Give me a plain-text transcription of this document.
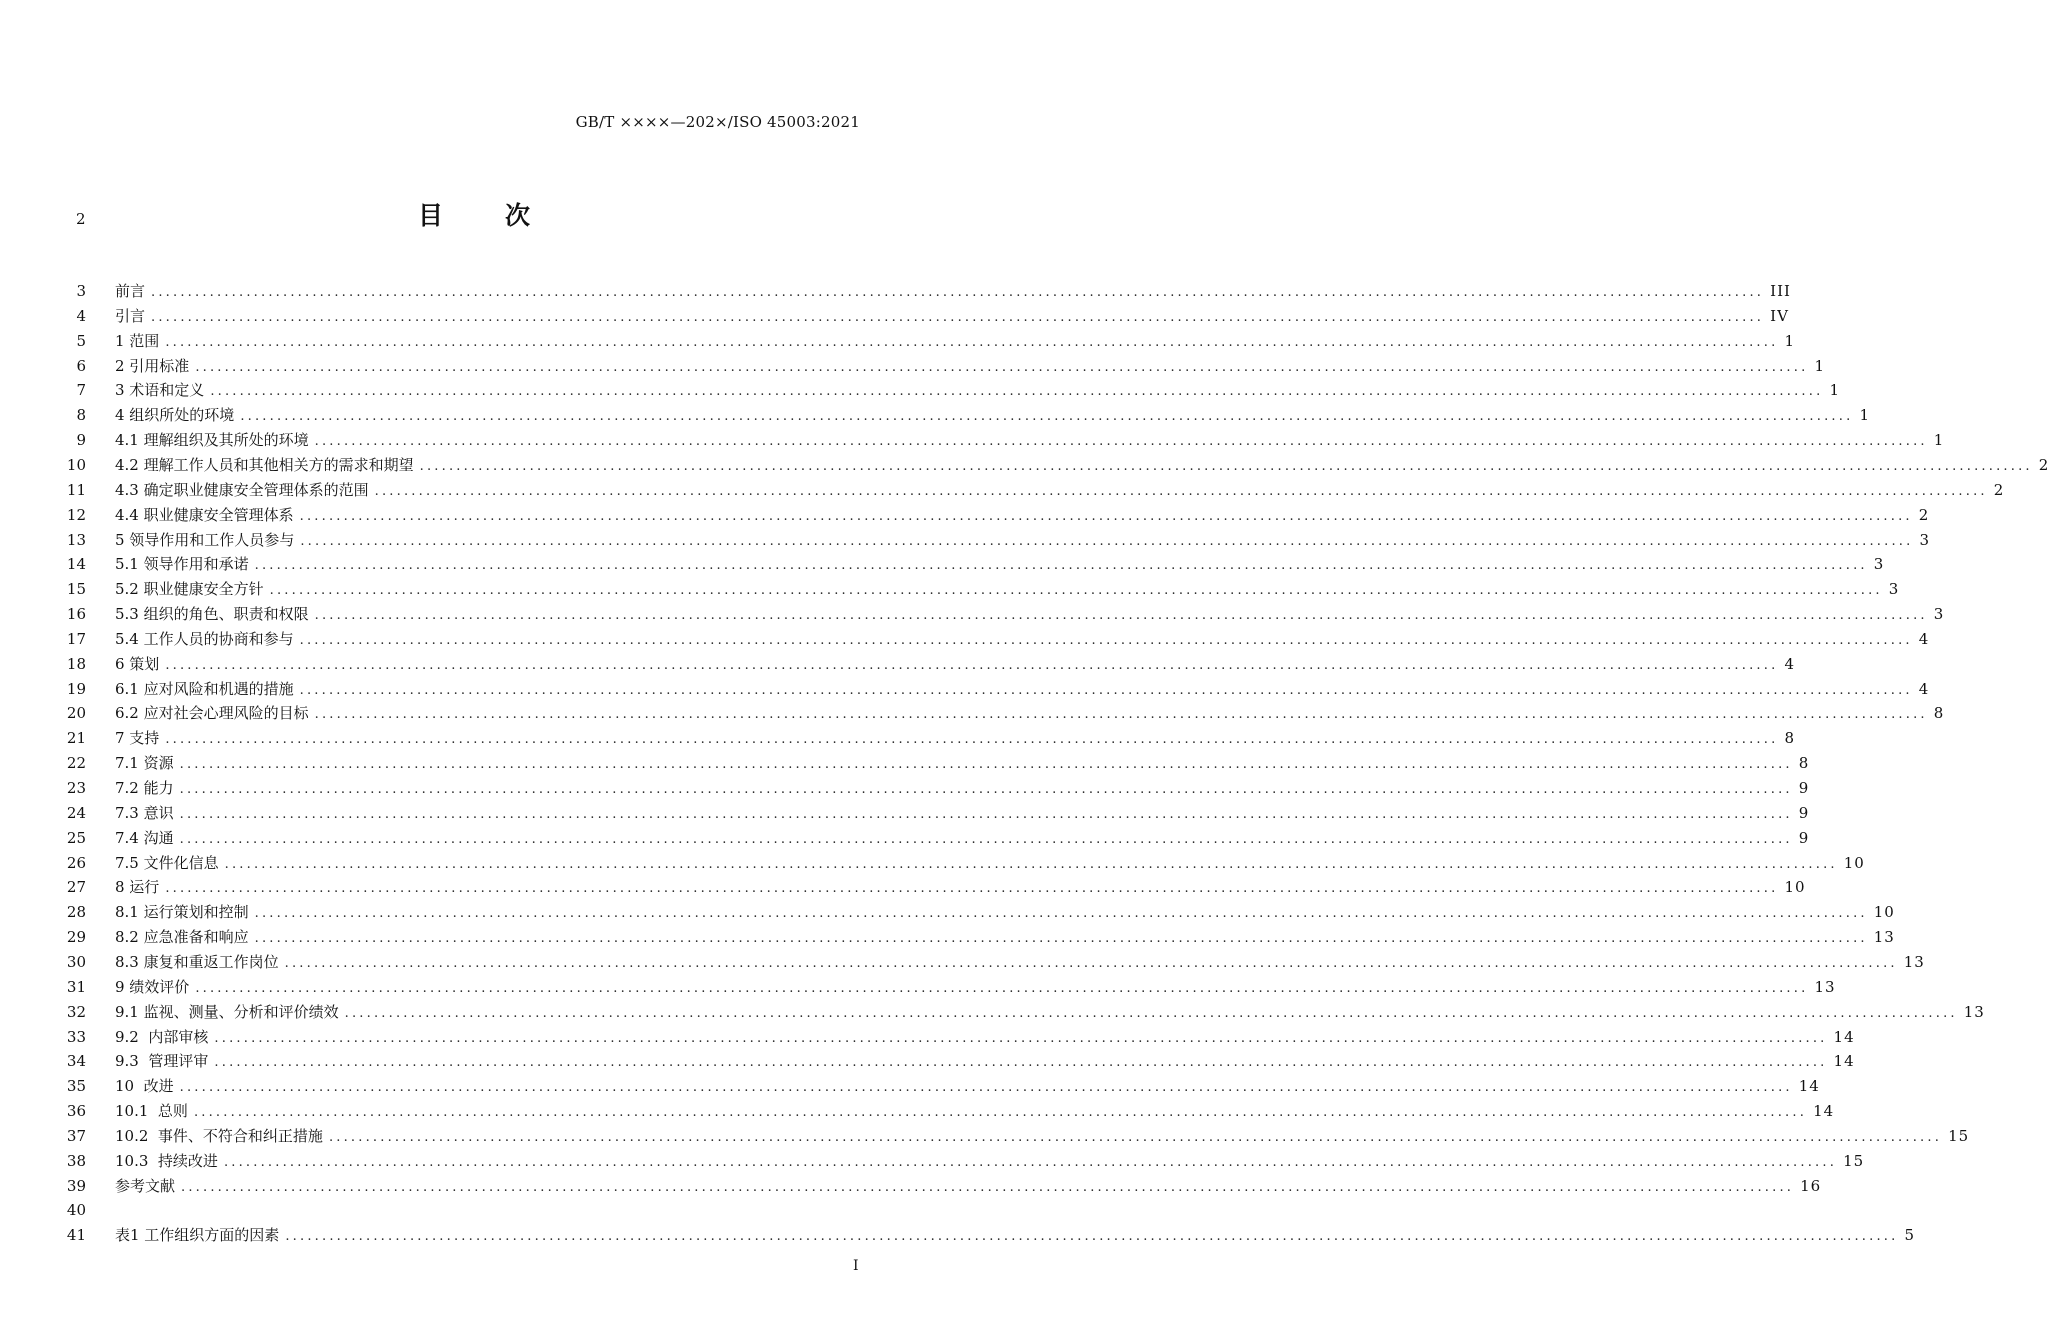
GB/T ××××—202×/ISO 45003:2021
2	目 次
3 前言 ............................................................................................................................................................................................................................ III
4 引言 ............................................................................................................................................................................................................................ IV
5 1 范围 ............................................................................................................................................................................................................................ 1
6 2 引用标准 ............................................................................................................................................................................................................................ 1
7 3 术语和定义 ............................................................................................................................................................................................................................ 1
8 4 组织所处的环境 ............................................................................................................................................................................................................................ 1
9 4.1 理解组织及其所处的环境 ............................................................................................................................................................................................................................ 1
10 4.2 理解工作人员和其他相关方的需求和期望 ............................................................................................................................................................................................................................ 2
11 4.3 确定职业健康安全管理体系的范围 ............................................................................................................................................................................................................................ 2
12 4.4 职业健康安全管理体系 ............................................................................................................................................................................................................................ 2
13 5 领导作用和工作人员参与 ............................................................................................................................................................................................................................ 3
14 5.1 领导作用和承诺 ............................................................................................................................................................................................................................ 3
15 5.2 职业健康安全方针 ............................................................................................................................................................................................................................ 3
16 5.3 组织的角色、职责和权限 ............................................................................................................................................................................................................................ 3
17 5.4 工作人员的协商和参与 ............................................................................................................................................................................................................................ 4
18 6 策划 ............................................................................................................................................................................................................................ 4
19 6.1 应对风险和机遇的措施 ............................................................................................................................................................................................................................ 4
20 6.2 应对社会心理风险的目标 ............................................................................................................................................................................................................................ 8
21 7 支持 ............................................................................................................................................................................................................................ 8
22 7.1 资源 ............................................................................................................................................................................................................................ 8
23 7.2 能力 ............................................................................................................................................................................................................................ 9
24 7.3 意识 ............................................................................................................................................................................................................................ 9
25 7.4 沟通 ............................................................................................................................................................................................................................ 9
26 7.5 文件化信息 ............................................................................................................................................................................................................................ 10
27 8 运行 ............................................................................................................................................................................................................................ 10
28 8.1 运行策划和控制 ............................................................................................................................................................................................................................ 10
29 8.2 应急准备和响应 ............................................................................................................................................................................................................................ 13
30 8.3 康复和重返工作岗位 ............................................................................................................................................................................................................................ 13
31 9 绩效评价 ............................................................................................................................................................................................................................ 13
32 9.1 监视、测量、分析和评价绩效 ............................................................................................................................................................................................................................ 13
33 9.2  内部审核 ............................................................................................................................................................................................................................ 14
34 9.3  管理评审 ............................................................................................................................................................................................................................ 14
35 10  改进 ............................................................................................................................................................................................................................ 14
36 10.1  总则 ............................................................................................................................................................................................................................ 14
37 10.2  事件、不符合和纠正措施 ............................................................................................................................................................................................................................ 15
38 10.3  持续改进 ............................................................................................................................................................................................................................ 15
39 参考文献 ............................................................................................................................................................................................................................ 16
40
41 表1 工作组织方面的因素 ............................................................................................................................................................................................................................ 5
I
